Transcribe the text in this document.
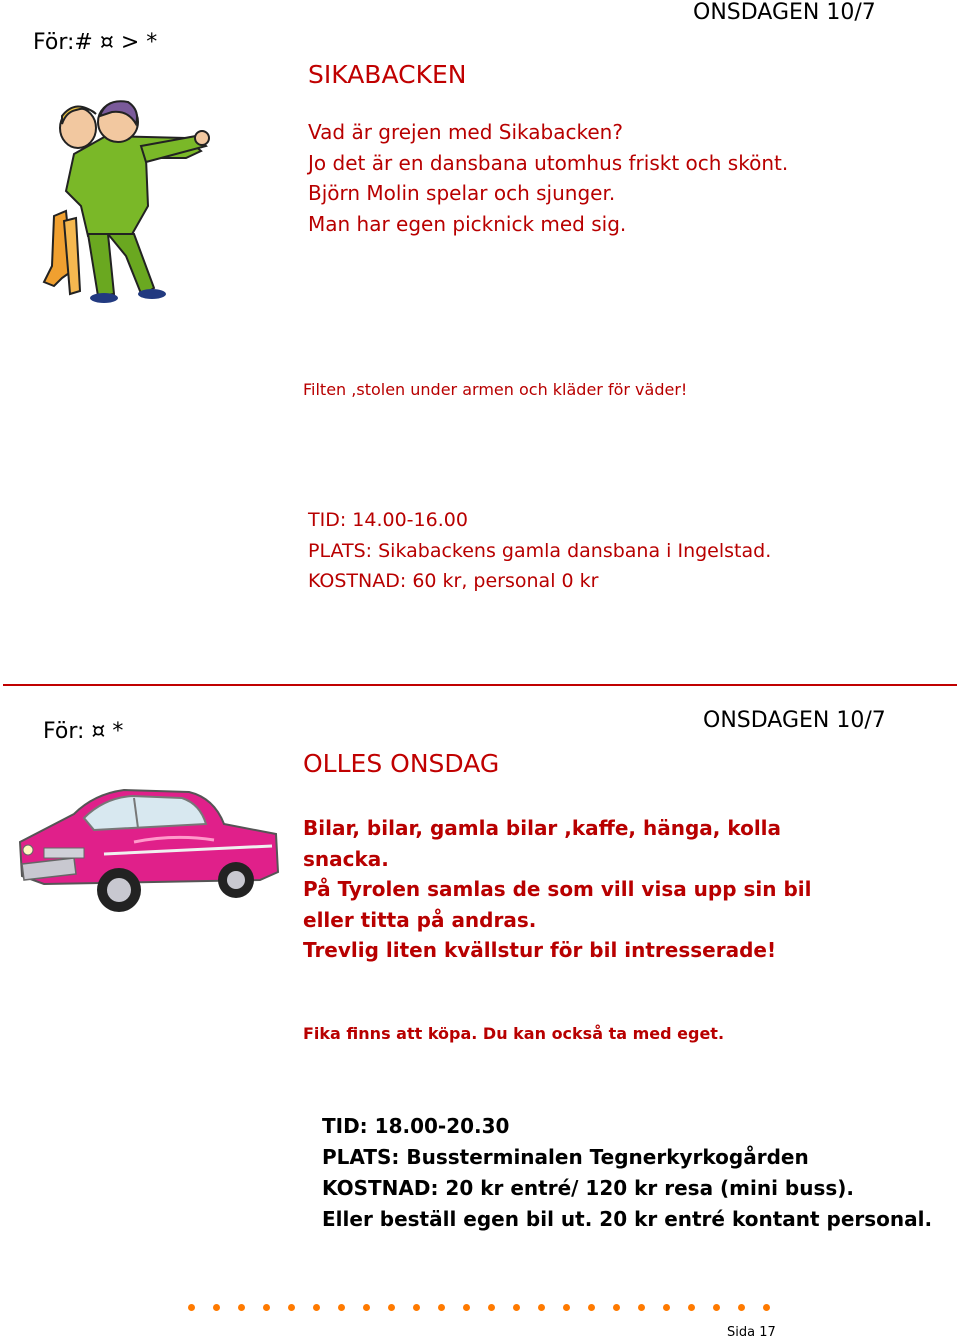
För:# ¤ > *
ONSDAGEN 10/7
SIKABACKEN
Vad är grejen med Sikabacken?
Jo det är en dansbana utomhus friskt och skönt.
Björn Molin spelar och sjunger.
Man har egen picknick med sig.
Filten ,stolen under armen och kläder för väder!
TID: 14.00-16.00
PLATS: Sikabackens gamla dansbana i Ingelstad.
KOSTNAD: 60 kr, personal 0 kr
För: ¤ *	ONSDAGEN 10/7
OLLES ONSDAG
Bilar, bilar, gamla bilar ,kaffe, hänga, kolla
snacka.
På Tyrolen samlas de som vill visa upp sin bil
eller titta på andras.
Trevlig liten kvällstur för bil intresserade!
Fika finns att köpa. Du kan också ta med eget.
TID: 18.00-20.30
PLATS: Bussterminalen Tegnerkyrkogården
KOSTNAD: 20 kr entré/ 120 kr resa (mini buss).
Eller beställ egen bil ut. 20 kr entré kontant personal.
Sida 17
